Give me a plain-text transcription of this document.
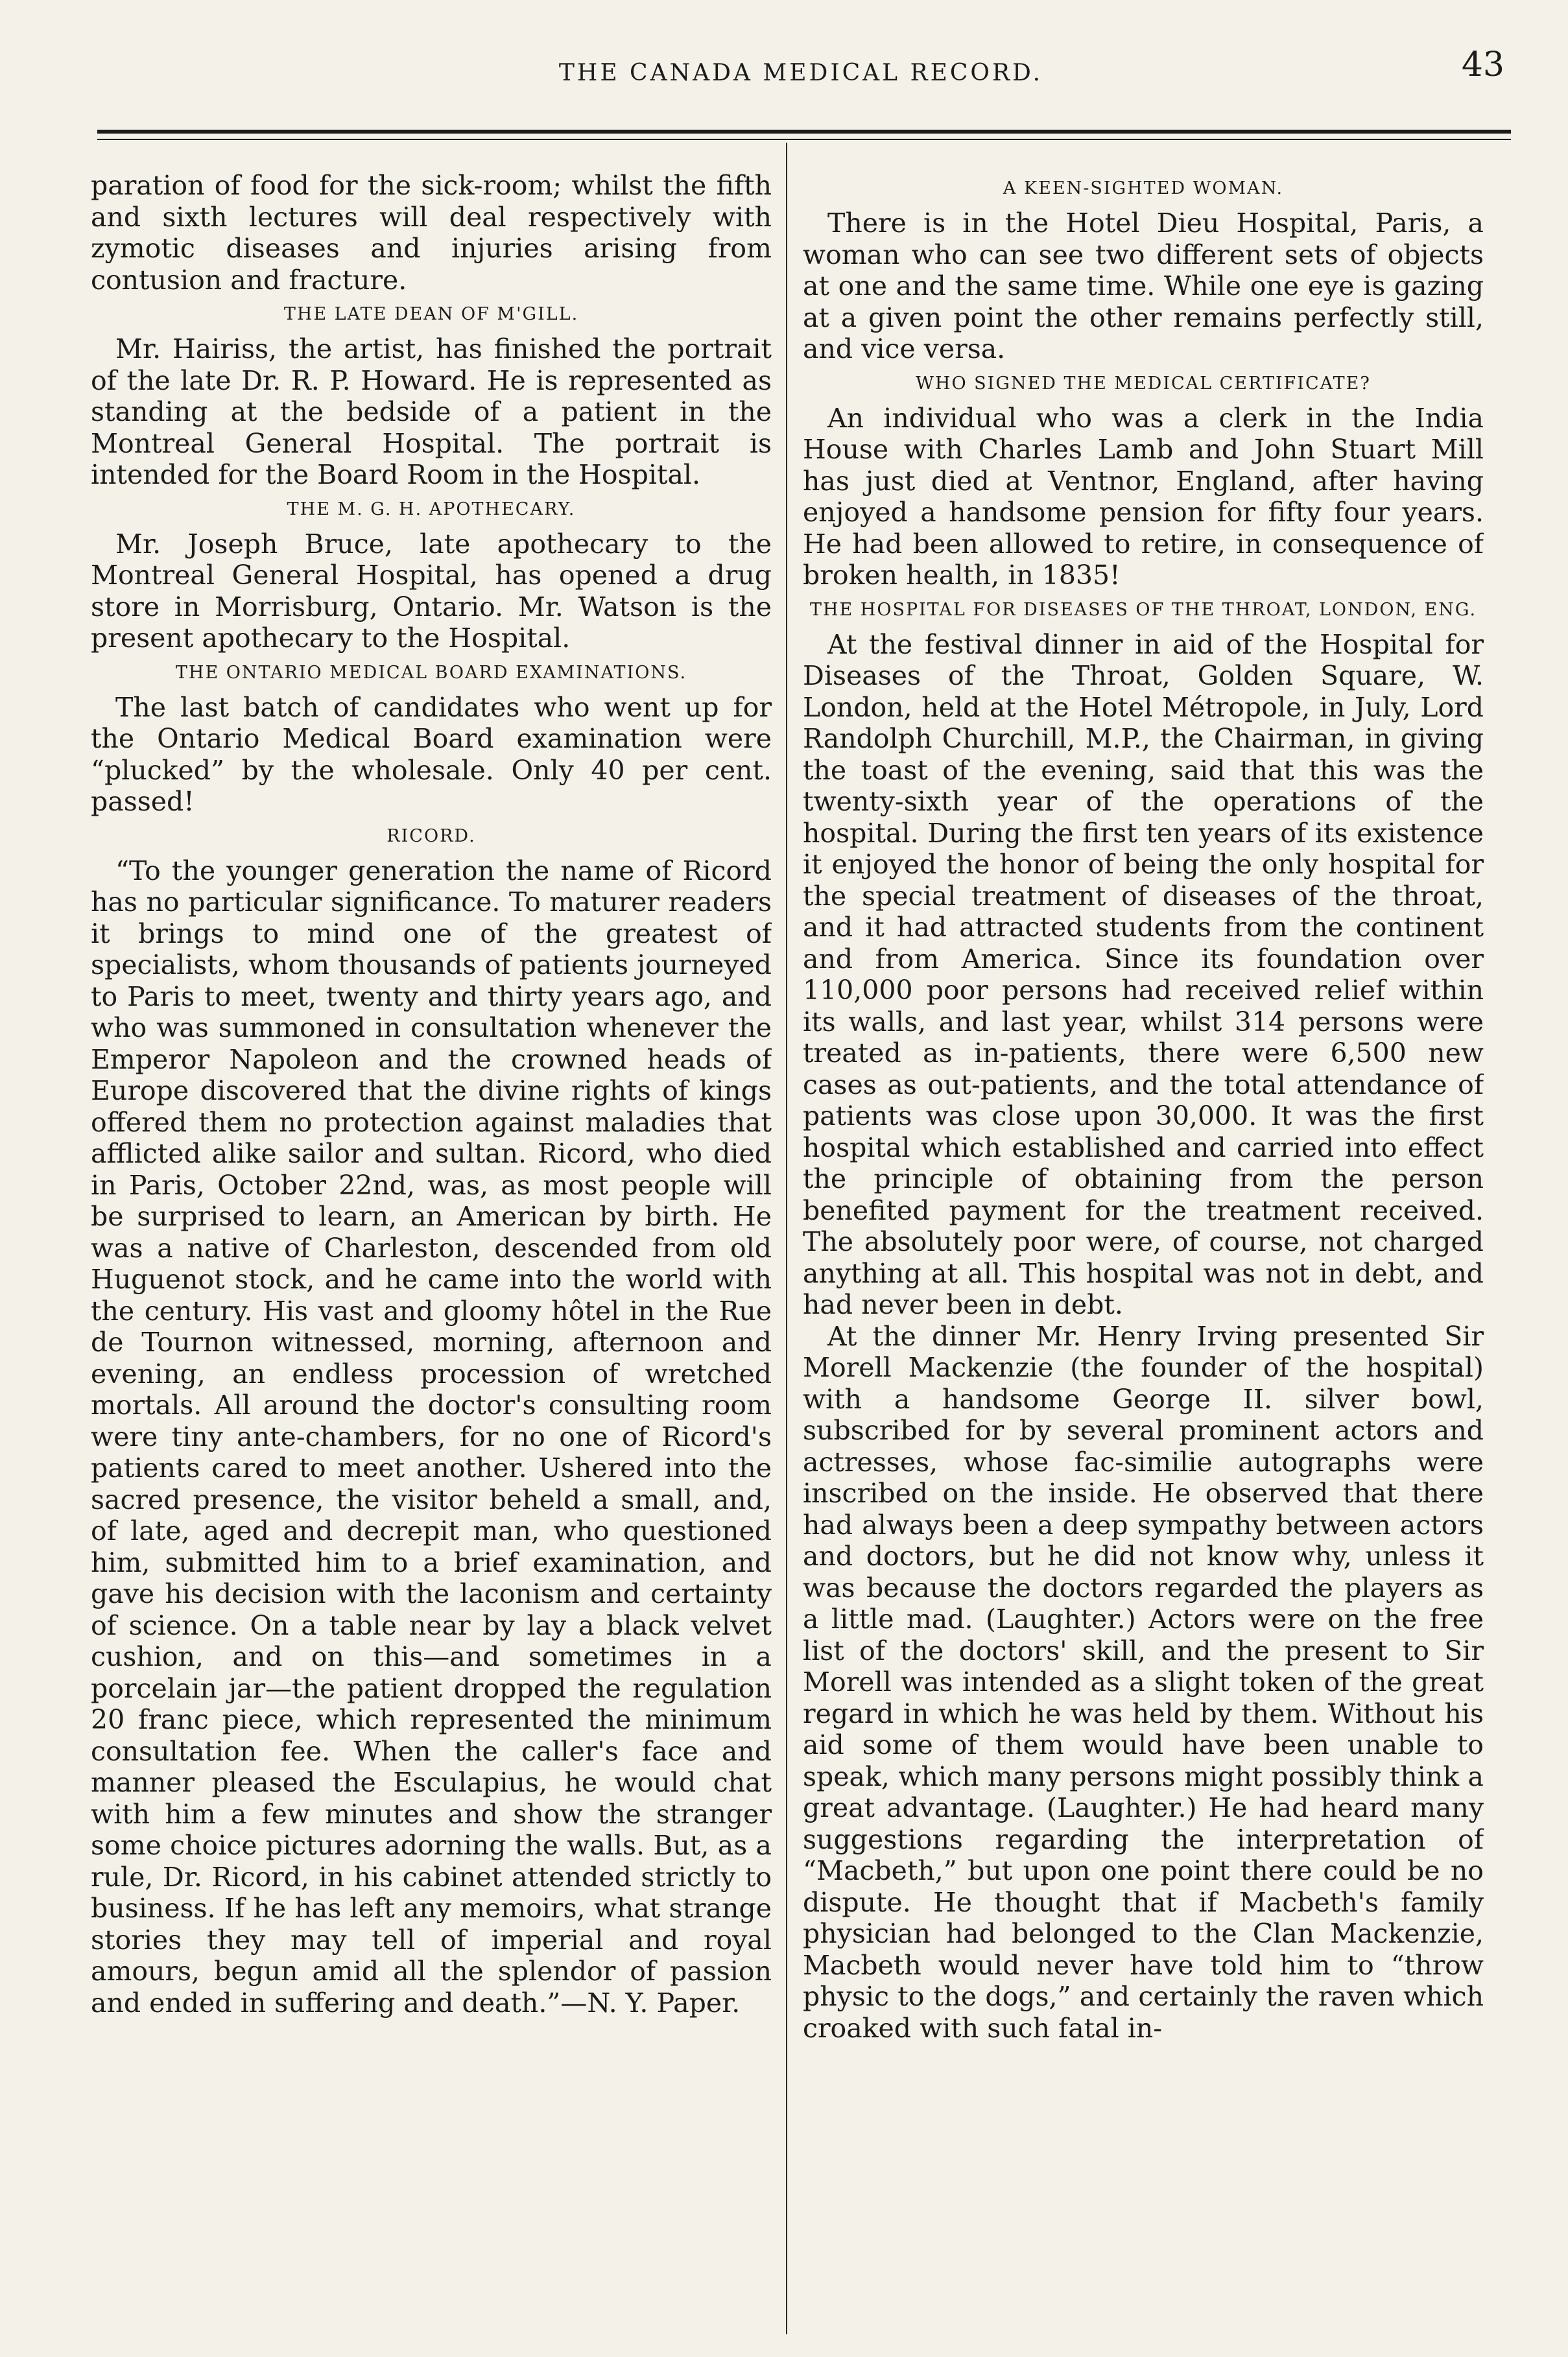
THE CANADA MEDICAL RECORD.	43

paration of food for the sick-room; whilst the fifth and sixth lectures will deal respectively with zymotic diseases and injuries arising from contusion and fracture.

THE LATE DEAN OF M'GILL.

Mr. Hairiss, the artist, has finished the portrait of the late Dr. R. P. Howard. He is represented as standing at the bedside of a patient in the Montreal General Hospital. The portrait is intended for the Board Room in the Hospital.

THE M. G. H. APOTHECARY.

Mr. Joseph Bruce, late apothecary to the Montreal General Hospital, has opened a drug store in Morrisburg, Ontario. Mr. Watson is the present apothecary to the Hospital.

THE ONTARIO MEDICAL BOARD EXAMINATIONS.

The last batch of candidates who went up for the Ontario Medical Board examination were “plucked” by the wholesale. Only 40 per cent. passed!

RICORD.

“To the younger generation the name of Ricord has no particular significance. To maturer readers it brings to mind one of the greatest of specialists, whom thousands of patients journeyed to Paris to meet, twenty and thirty years ago, and who was summoned in consultation whenever the Emperor Napoleon and the crowned heads of Europe discovered that the divine rights of kings offered them no protection against maladies that afflicted alike sailor and sultan. Ricord, who died in Paris, October 22nd, was, as most people will be surprised to learn, an American by birth. He was a native of Charleston, descended from old Huguenot stock, and he came into the world with the century. His vast and gloomy hôtel in the Rue de Tournon witnessed, morning, afternoon and evening, an endless procession of wretched mortals. All around the doctor's consulting room were tiny ante-chambers, for no one of Ricord's patients cared to meet another. Ushered into the sacred presence, the visitor beheld a small, and, of late, aged and decrepit man, who questioned him, submitted him to a brief examination, and gave his decision with the laconism and certainty of science. On a table near by lay a black velvet cushion, and on this—and sometimes in a porcelain jar—the patient dropped the regulation 20 franc piece, which represented the minimum consultation fee. When the caller's face and manner pleased the Esculapius, he would chat with him a few minutes and show the stranger some choice pictures adorning the walls. But, as a rule, Dr. Ricord, in his cabinet attended strictly to business. If he has left any memoirs, what strange stories they may tell of imperial and royal amours, begun amid all the splendor of passion and ended in suffering and death.”—N. Y. Paper.

A KEEN-SIGHTED WOMAN.

There is in the Hotel Dieu Hospital, Paris, a woman who can see two different sets of objects at one and the same time. While one eye is gazing at a given point the other remains perfectly still, and vice versa.

WHO SIGNED THE MEDICAL CERTIFICATE?

An individual who was a clerk in the India House with Charles Lamb and John Stuart Mill has just died at Ventnor, England, after having enjoyed a handsome pension for fifty four years. He had been allowed to retire, in consequence of broken health, in 1835!

THE HOSPITAL FOR DISEASES OF THE THROAT, LONDON, ENG.

At the festival dinner in aid of the Hospital for Diseases of the Throat, Golden Square, W. London, held at the Hotel Métropole, in July, Lord Randolph Churchill, M.P., the Chairman, in giving the toast of the evening, said that this was the twenty-sixth year of the operations of the hospital. During the first ten years of its existence it enjoyed the honor of being the only hospital for the special treatment of diseases of the throat, and it had attracted students from the continent and from America. Since its foundation over 110,000 poor persons had received relief within its walls, and last year, whilst 314 persons were treated as in-patients, there were 6,500 new cases as out-patients, and the total attendance of patients was close upon 30,000. It was the first hospital which established and carried into effect the principle of obtaining from the person benefited payment for the treatment received. The absolutely poor were, of course, not charged anything at all. This hospital was not in debt, and had never been in debt.

At the dinner Mr. Henry Irving presented Sir Morell Mackenzie (the founder of the hospital) with a handsome George II. silver bowl, subscribed for by several prominent actors and actresses, whose fac-similie autographs were inscribed on the inside. He observed that there had always been a deep sympathy between actors and doctors, but he did not know why, unless it was because the doctors regarded the players as a little mad. (Laughter.) Actors were on the free list of the doctors' skill, and the present to Sir Morell was intended as a slight token of the great regard in which he was held by them. Without his aid some of them would have been unable to speak, which many persons might possibly think a great advantage. (Laughter.) He had heard many suggestions regarding the interpretation of “Macbeth,” but upon one point there could be no dispute. He thought that if Macbeth's family physician had belonged to the Clan Mackenzie, Macbeth would never have told him to “throw physic to the dogs,” and certainly the raven which croaked with such fatal in-
